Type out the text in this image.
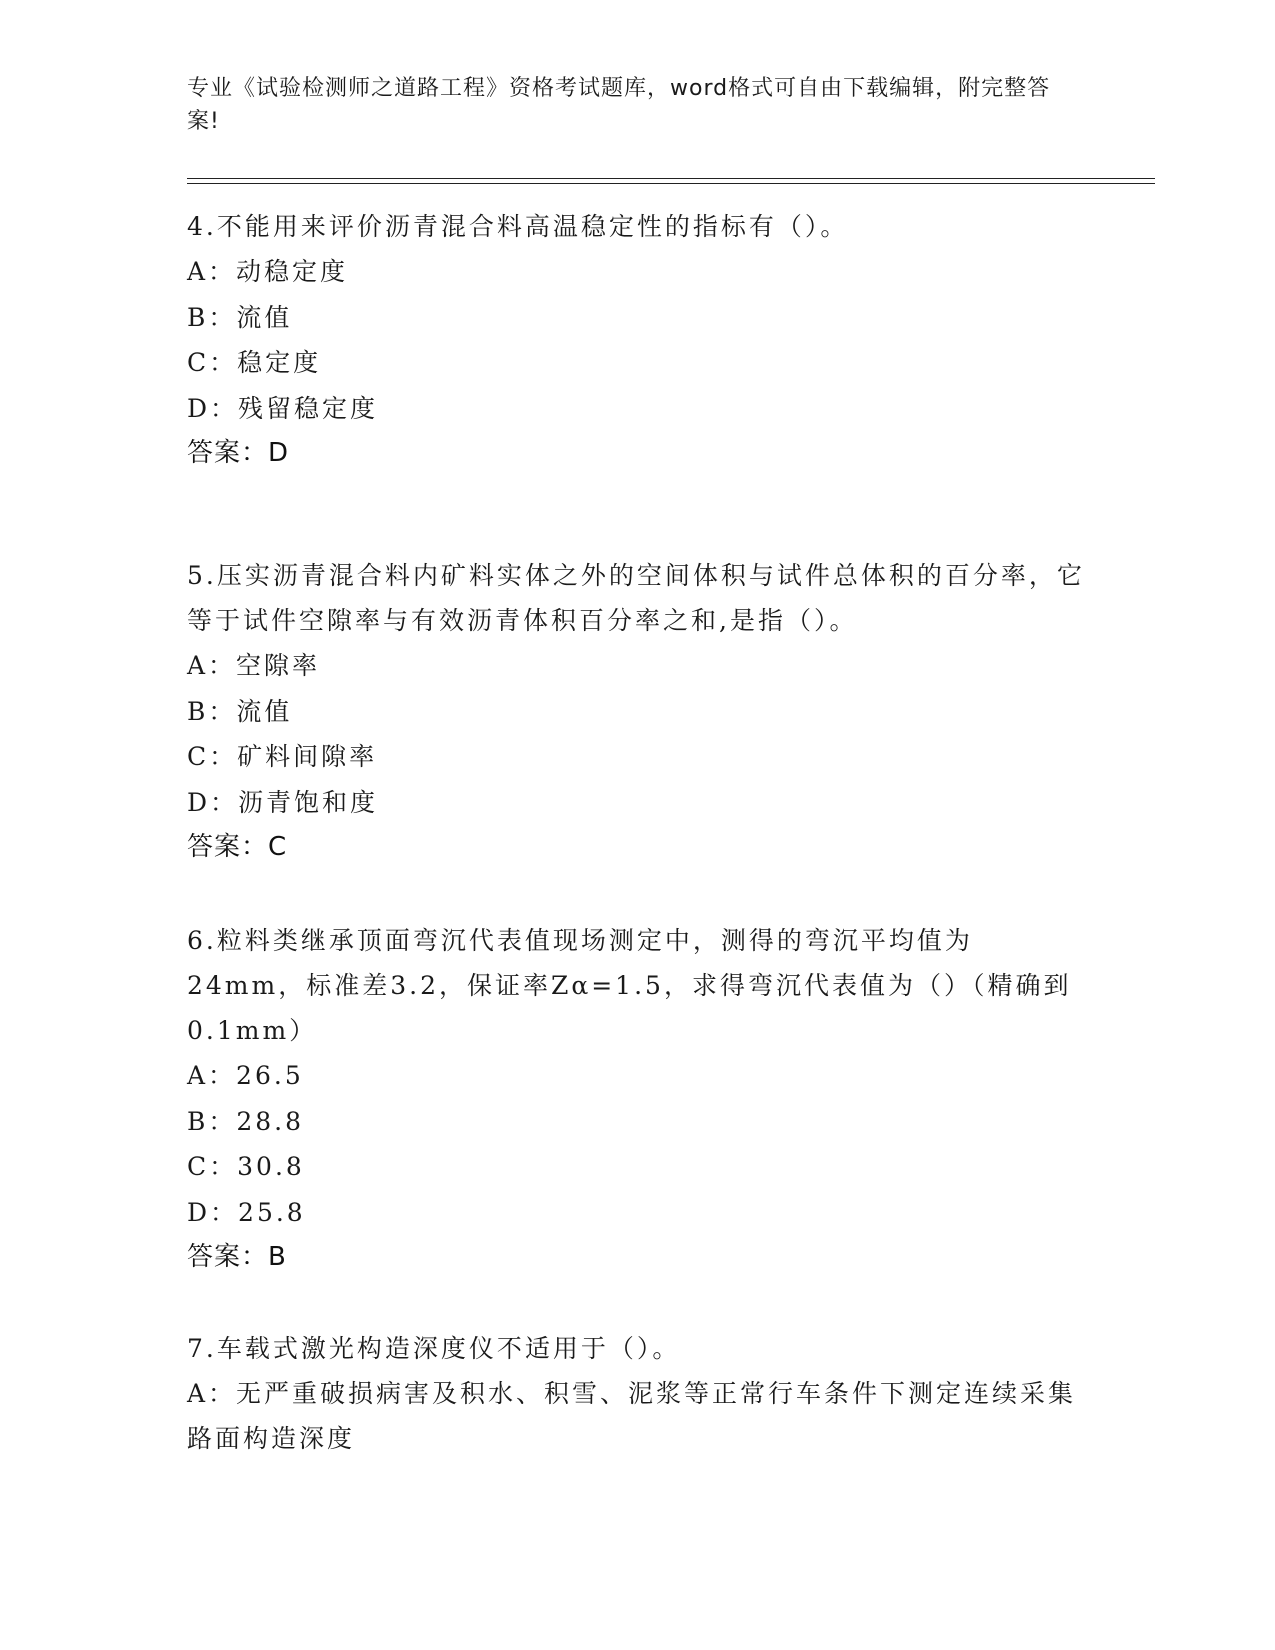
专业《试验检测师之道路工程》资格考试题库，word格式可自由下载编辑，附完整答案!
4.不能用来评价沥青混合料高温稳定性的指标有（）。
A：动稳定度
B：流值
C：稳定度
D：残留稳定度
答案：D
5.压实沥青混合料内矿料实体之外的空间体积与试件总体积的百分率，它等于试件空隙率与有效沥青体积百分率之和,是指（）。
A：空隙率
B：流值
C：矿料间隙率
D：沥青饱和度
答案：C
6.粒料类继承顶面弯沉代表值现场测定中，测得的弯沉平均值为24mm，标准差3.2，保证率Zα=1.5，求得弯沉代表值为（）（精确到0.1mm）
A：26.5
B：28.8
C：30.8
D：25.8
答案：B
7.车载式激光构造深度仪不适用于（）。
A：无严重破损病害及积水、积雪、泥浆等正常行车条件下测定连续采集路面构造深度
